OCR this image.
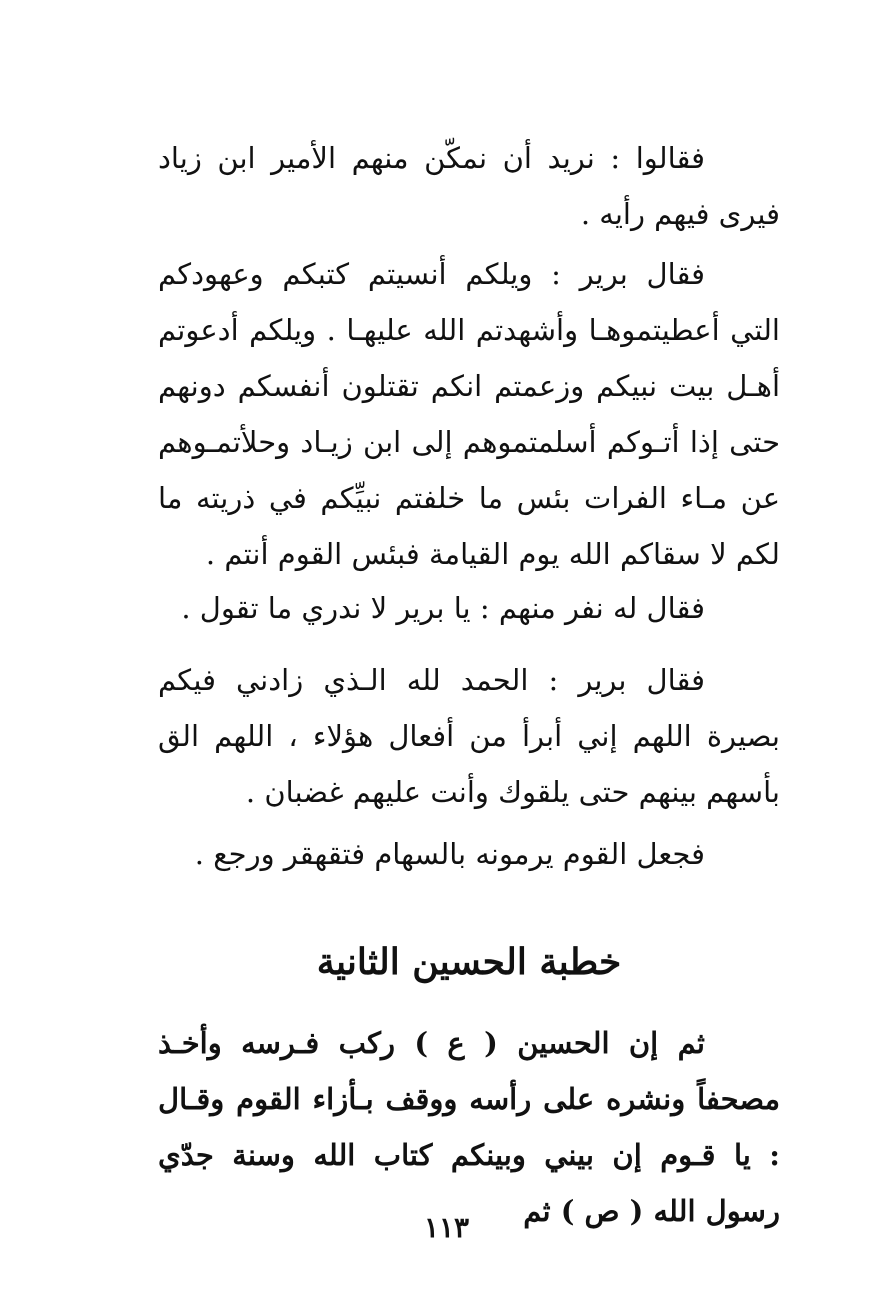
فقالوا : نريد أن نمكّن منهم الأمير ابن زياد فيرى فيهم رأيه .

فقال برير : ويلكم أنسيتم كتبكم وعهودكم التي أعطيتموهـا وأشهدتم الله عليهـا . ويلكم أدعوتم أهـل بيت نبيكم وزعمتم انكم تقتلون أنفسكم دونهم حتى إذا أتـوكم أسلمتموهم إلى ابن زيـاد وحلأتمـوهم عن مـاء الفرات بئس ما خلفتم نبيِّكم في ذريته ما لكم لا سقاكم الله يوم القيامة فبئس القوم أنتم .

فقال له نفر منهم : يا برير لا ندري ما تقول .

فقال برير : الحمد لله الـذي زادني فيكم بصيرة اللهم إني أبرأ من أفعال هؤلاء ، اللهم الق بأسهم بينهم حتى يلقوك وأنت عليهم غضبان .

فجعل القوم يرمونه بالسهام فتقهقر ورجع .

خطبة الحسين الثانية

ثم إن الحسين ( ع ) ركب فـرسه وأخـذ مصحفاً ونشره على رأسه ووقف بـأزاء القوم وقـال : يا قـوم إن بيني وبينكم كتاب الله وسنة جدّي رسول الله ( ص ) ثم

١١٣
